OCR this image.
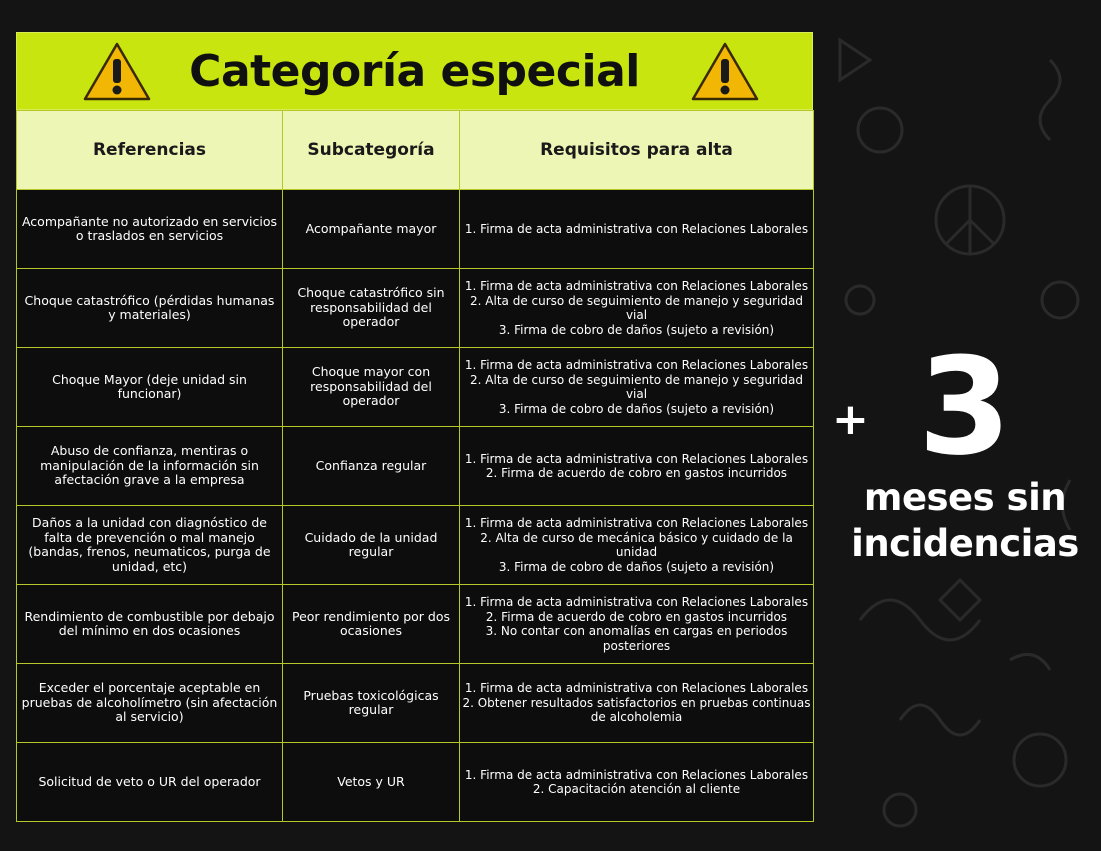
Categoría especial
Referencias	Subcategoría	Requisitos para alta
Acompañante no autorizado en servicios o traslados en servicios	Acompañante mayor	1. Firma de acta administrativa con Relaciones Laborales

Choque catastrófico (pérdidas humanas y materiales)	Choque catastrófico sin responsabilidad del operador	1. Firma de acta administrativa con Relaciones Laborales
2. Alta de curso de seguimiento de manejo y seguridad vial
3. Firma de cobro de daños (sujeto a revisión)

Choque Mayor (deje unidad sin funcionar)	Choque mayor con responsabilidad del operador	1. Firma de acta administrativa con Relaciones Laborales
2. Alta de curso de seguimiento de manejo y seguridad vial
3. Firma de cobro de daños (sujeto a revisión)

Abuso de confianza, mentiras o manipulación de la información sin afectación grave a la empresa	Confianza regular	1. Firma de acta administrativa con Relaciones Laborales
2. Firma de acuerdo de cobro en gastos incurridos

Daños a la unidad con diagnóstico de falta de prevención o mal manejo (bandas, frenos, neumaticos, purga de unidad, etc)	Cuidado de la unidad regular	1. Firma de acta administrativa con Relaciones Laborales
2. Alta de curso de mecánica básico y cuidado de la unidad
3. Firma de cobro de daños (sujeto a revisión)

Rendimiento de combustible por debajo del mínimo en dos ocasiones	Peor rendimiento por dos ocasiones	1. Firma de acta administrativa con Relaciones Laborales
2. Firma de acuerdo de cobro en gastos incurridos
3. No contar con anomalías en cargas en periodos posteriores

Exceder el porcentaje aceptable en pruebas de alcoholímetro (sin afectación al servicio)	Pruebas toxicológicas regular	1. Firma de acta administrativa con Relaciones Laborales
2. Obtener resultados satisfactorios en pruebas continuas de alcoholemia

Solicitud de veto o UR del operador	Vetos y UR	1. Firma de acta administrativa con Relaciones Laborales
2. Capacitación atención al cliente
+ 3
meses sin
incidencias
